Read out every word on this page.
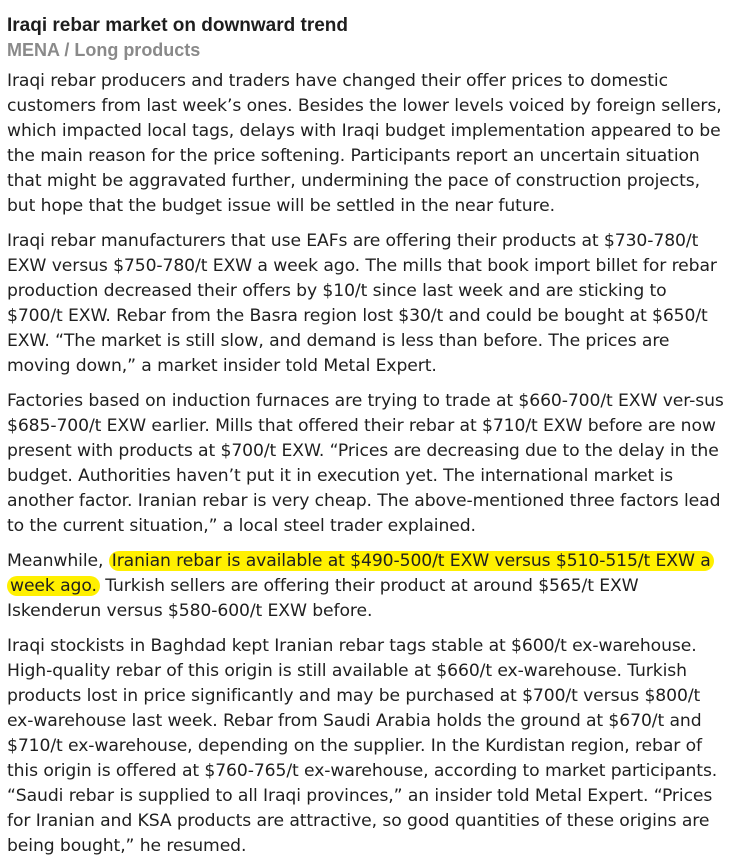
Iraqi rebar market on downward trend
MENA / Long products

Iraqi rebar producers and traders have changed their offer prices to domestic customers from last week’s ones. Besides the lower levels voiced by foreign sellers, which impacted local tags, delays with Iraqi budget implementation appeared to be the main reason for the price softening. Participants report an uncertain situation that might be aggravated further, undermining the pace of construction projects, but hope that the budget issue will be settled in the near future.

Iraqi rebar manufacturers that use EAFs are offering their products at $730-780/t EXW versus $750-780/t EXW a week ago. The mills that book import billet for rebar production decreased their offers by $10/t since last week and are sticking to $700/t EXW. Rebar from the Basra region lost $30/t and could be bought at $650/t EXW. “The market is still slow, and demand is less than before. The prices are moving down,” a market insider told Metal Expert.

Factories based on induction furnaces are trying to trade at $660-700/t EXW ver-sus $685-700/t EXW earlier. Mills that offered their rebar at $710/t EXW before are now present with products at $700/t EXW. “Prices are decreasing due to the delay in the budget. Authorities haven’t put it in execution yet. The international market is another factor. Iranian rebar is very cheap. The above-mentioned three factors lead to the current situation,” a local steel trader explained.

Meanwhile, Iranian rebar is available at $490-500/t EXW versus $510-515/t EXW a week ago. Turkish sellers are offering their product at around $565/t EXW Iskenderun versus $580-600/t EXW before.

Iraqi stockists in Baghdad kept Iranian rebar tags stable at $600/t ex-warehouse. High-quality rebar of this origin is still available at $660/t ex-warehouse. Turkish products lost in price significantly and may be purchased at $700/t versus $800/t ex-warehouse last week. Rebar from Saudi Arabia holds the ground at $670/t and $710/t ex-warehouse, depending on the supplier. In the Kurdistan region, rebar of this origin is offered at $760-765/t ex-warehouse, according to market participants. “Saudi rebar is supplied to all Iraqi provinces,” an insider told Metal Expert. “Prices for Iranian and KSA products are attractive, so good quantities of these origins are being bought,” he resumed.
